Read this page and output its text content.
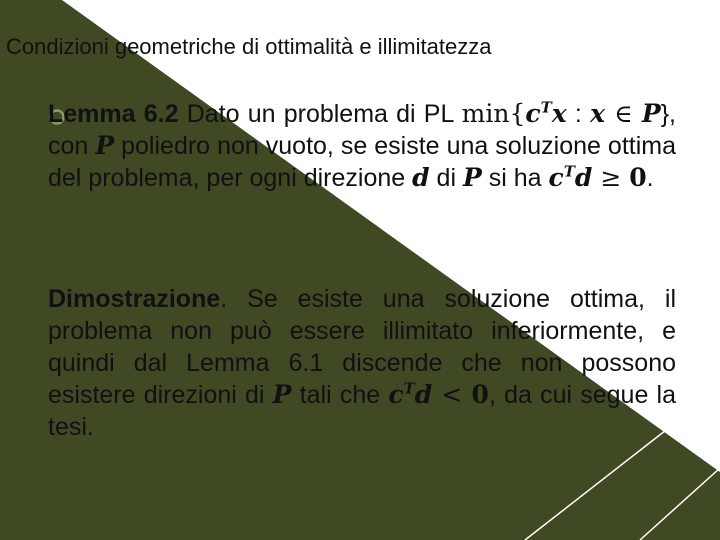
Condizioni geometriche di ottimalità e illimitatezza
Lemma 6.2 Dato un problema di PL $\min\{c^Tx$ : x ∈ P}, con P poliedro non vuoto, se esiste una soluzione ottima del problema, per ogni direzione d di P si ha $c^Td \ge 0$.
Dimostrazione. Se esiste una soluzione ottima, il problema non può essere illimitato inferiormente, e quindi dal Lemma 6.1 discende che non possono esistere direzioni di P tali che $c^Td < 0$, da cui segue la tesi.
